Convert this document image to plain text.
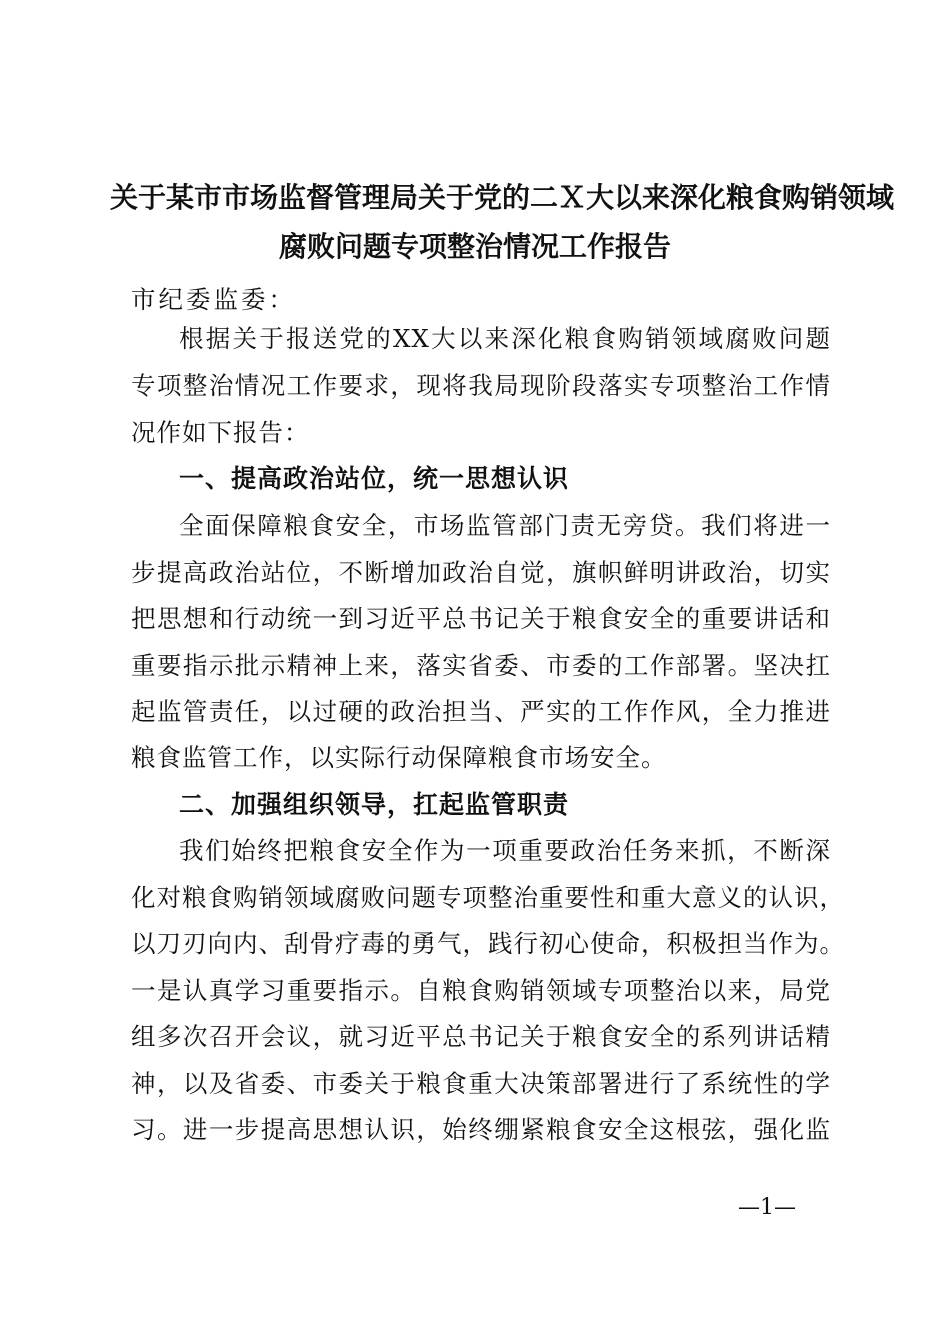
关于某市市场监督管理局关于党的二Ｘ大以来深化粮食购销领域
腐败问题专项整治情况工作报告
市纪委监委：
根据关于报送党的XX大以来深化粮食购销领域腐败问题
专项整治情况工作要求，现将我局现阶段落实专项整治工作情
况作如下报告：
一、提高政治站位，统一思想认识
全面保障粮食安全，市场监管部门责无旁贷。我们将进一
步提高政治站位，不断增加政治自觉，旗帜鲜明讲政治，切实
把思想和行动统一到习近平总书记关于粮食安全的重要讲话和
重要指示批示精神上来，落实省委、市委的工作部署。坚决扛
起监管责任，以过硬的政治担当、严实的工作作风，全力推进
粮食监管工作，以实际行动保障粮食市场安全。
二、加强组织领导，扛起监管职责
我们始终把粮食安全作为一项重要政治任务来抓，不断深
化对粮食购销领域腐败问题专项整治重要性和重大意义的认识，
以刀刃向内、刮骨疗毒的勇气，践行初心使命，积极担当作为。
一是认真学习重要指示。自粮食购销领域专项整治以来，局党
组多次召开会议，就习近平总书记关于粮食安全的系列讲话精
神，以及省委、市委关于粮食重大决策部署进行了系统性的学
习。进一步提高思想认识，始终绷紧粮食安全这根弦，强化监
—1—
